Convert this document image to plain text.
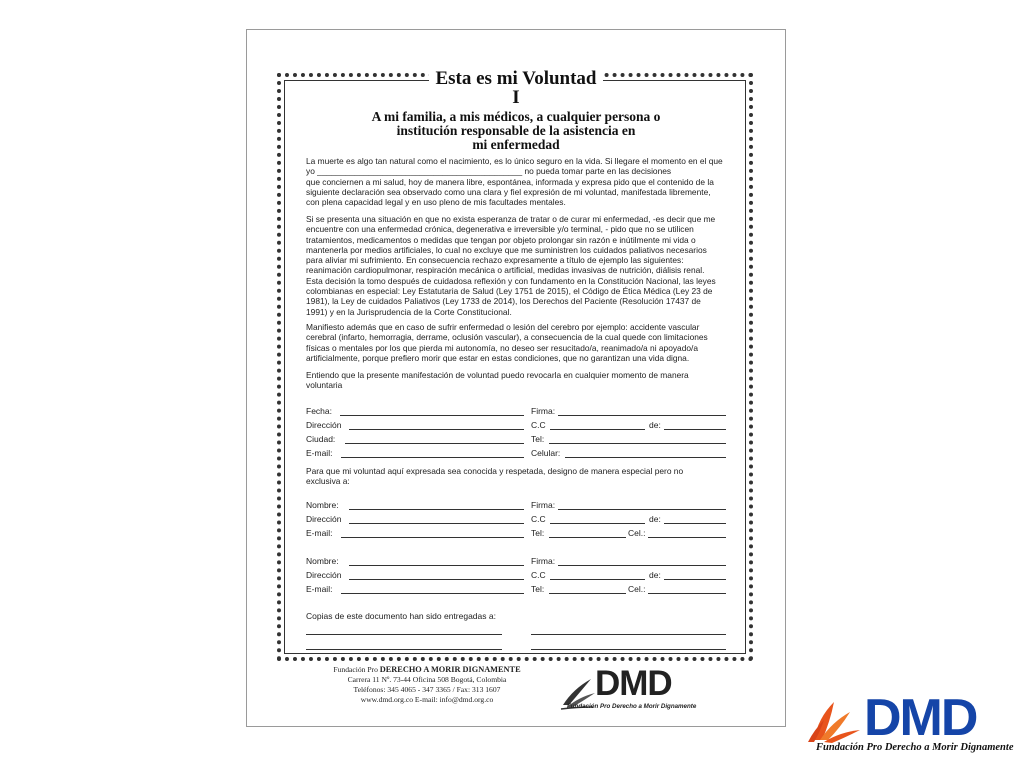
Esta es mi Voluntad
I
A mi familia, a mis médicos, a cualquier persona o
institución responsable de la asistencia en
mi enfermedad
La muerte es algo tan natural como el nacimiento, es lo único seguro en la vida. Si llegare el momento en el que
yo ____________________________________________ no pueda tomar parte en las decisiones
que conciernen a mi salud, hoy de manera libre, espontánea, informada y expresa pido que el contenido de la
siguiente declaración sea observado como una clara y fiel expresión de mi voluntad, manifestada libremente,
con plena capacidad legal y en uso pleno de mis facultades mentales.
Si se presenta una situación en que no exista esperanza de tratar o de curar mi enfermedad, -es decir que me
encuentre con una enfermedad crónica, degenerativa e irreversible y/o terminal, - pido que no se utilicen
tratamientos, medicamentos o medidas que tengan por objeto prolongar sin razón e inútilmente mi vida o
mantenerla por medios artificiales, lo cual no excluye que me suministren los cuidados paliativos necesarios
para aliviar mi sufrimiento. En consecuencia rechazo expresamente a título de ejemplo las siguientes:
reanimación cardiopulmonar, respiración mecánica o artificial, medidas invasivas de nutrición, diálisis renal.
Esta decisión la tomo después de cuidadosa reflexión y con fundamento en la Constitución Nacional, las leyes
colombianas en especial: Ley Estatutaria de Salud (Ley 1751 de 2015), el Código de Ética Médica (Ley 23 de
1981), la Ley de cuidados Paliativos (Ley 1733 de 2014), los Derechos del Paciente (Resolución 17437 de
1991) y en la Jurisprudencia de la Corte Constitucional.
Manifiesto además que en caso de sufrir enfermedad o lesión del cerebro por ejemplo: accidente vascular
cerebral (infarto, hemorragia, derrame, oclusión vascular), a consecuencia de la cual quede con limitaciones
físicas o mentales por los que pierda mi autonomía, no deseo ser resucitado/a, reanimado/a ni apoyado/a
artificialmente, porque prefiero morir que estar en estas condiciones, que no garantizan una vida digna.
Entiendo que la presente manifestación de voluntad puedo revocarla en cualquier momento de manera
voluntaria
Fecha:	Firma:
Dirección	C.C	de:
Ciudad:	Tel:
E-mail:	Celular:
Para que mi voluntad aquí expresada sea conocida y respetada, designo de manera especial pero no
exclusiva a:
Nombre:	Firma:
Dirección	C.C	de:
E-mail:	Tel:	Cel.:
Nombre:	Firma:
Dirección	C.C	de:
E-mail:	Tel:	Cel.:
Copias de este documento han sido entregadas a:
Fundación Pro DERECHO A MORIR DIGNAMENTE
Carrera 11 Nº. 73-44 Oficina 508 Bogotá, Colombia
Teléfonos: 345 4065 - 347 3365 / Fax: 313 1607
www.dmd.org.co E-mail: info@dmd.org.co	DMD
Fundación Pro Derecho a Morir Dignamente	DMD
Fundación Pro Derecho a Morir Dignamente
